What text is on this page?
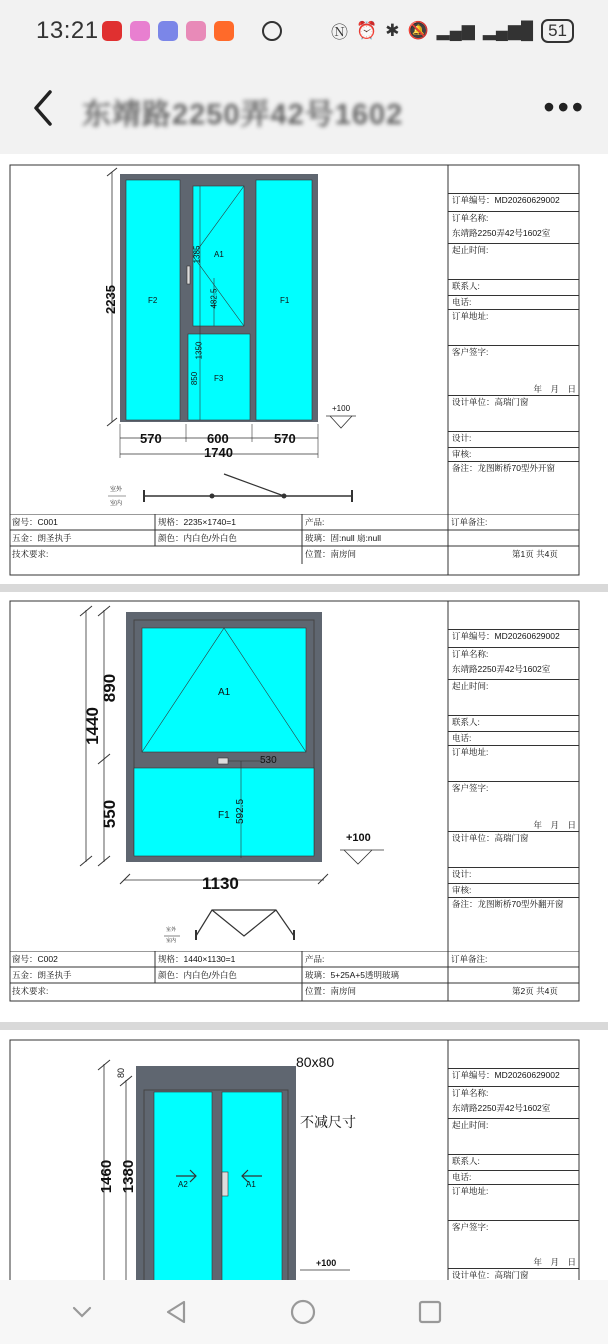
13:21	Ⓝ ⏰ ✱ 🔕 ▂▄▆ ▂▄▆█ 51
东靖路2250弄42号1602	•••
2235	F2
A1
F1
F3
1385
482.5
1350
850
570	600	570
1740
+100
室外
室内
订单编号：MD20260629002
订单名称:
东靖路2250弄42号1602室
起止时间:
联系人:
电话:
订单地址:
客户签字:
年　月　日
设计单位：高瑞门窗
设计:
审核:
备注：龙图断桥70型外开窗
窗号：C001	规格：2235×1740=1	产品:	订单备注:
五金：朗圣执手	颜色：内白色/外白色	玻璃：固:null 扇:null
技术要求:	位置：南房间	第1页 共4页
1440
890
550
A1
F1
530
592.5
1130
+100
室外
室内
订单编号：MD20260629002
订单名称:
东靖路2250弄42号1602室
起止时间:
联系人:
电话:
订单地址:
客户签字:
年　月　日
设计单位：高瑞门窗
设计:
审核:
备注：龙图断桥70型外翻开窗
窗号：C002	规格：1440×1130=1	产品:	订单备注:
五金：朗圣执手	颜色：内白色/外白色	玻璃：5+25A+5透明玻璃
技术要求:	位置：南房间	第2页 共4页
1460 1380
80
80x80
不减尺寸
A2	A1
+100
订单编号：MD20260629002
订单名称:
东靖路2250弄42号1602室
起止时间:
联系人:
电话:
订单地址:
客户签字:
年　月　日
设计单位：高瑞门窗
